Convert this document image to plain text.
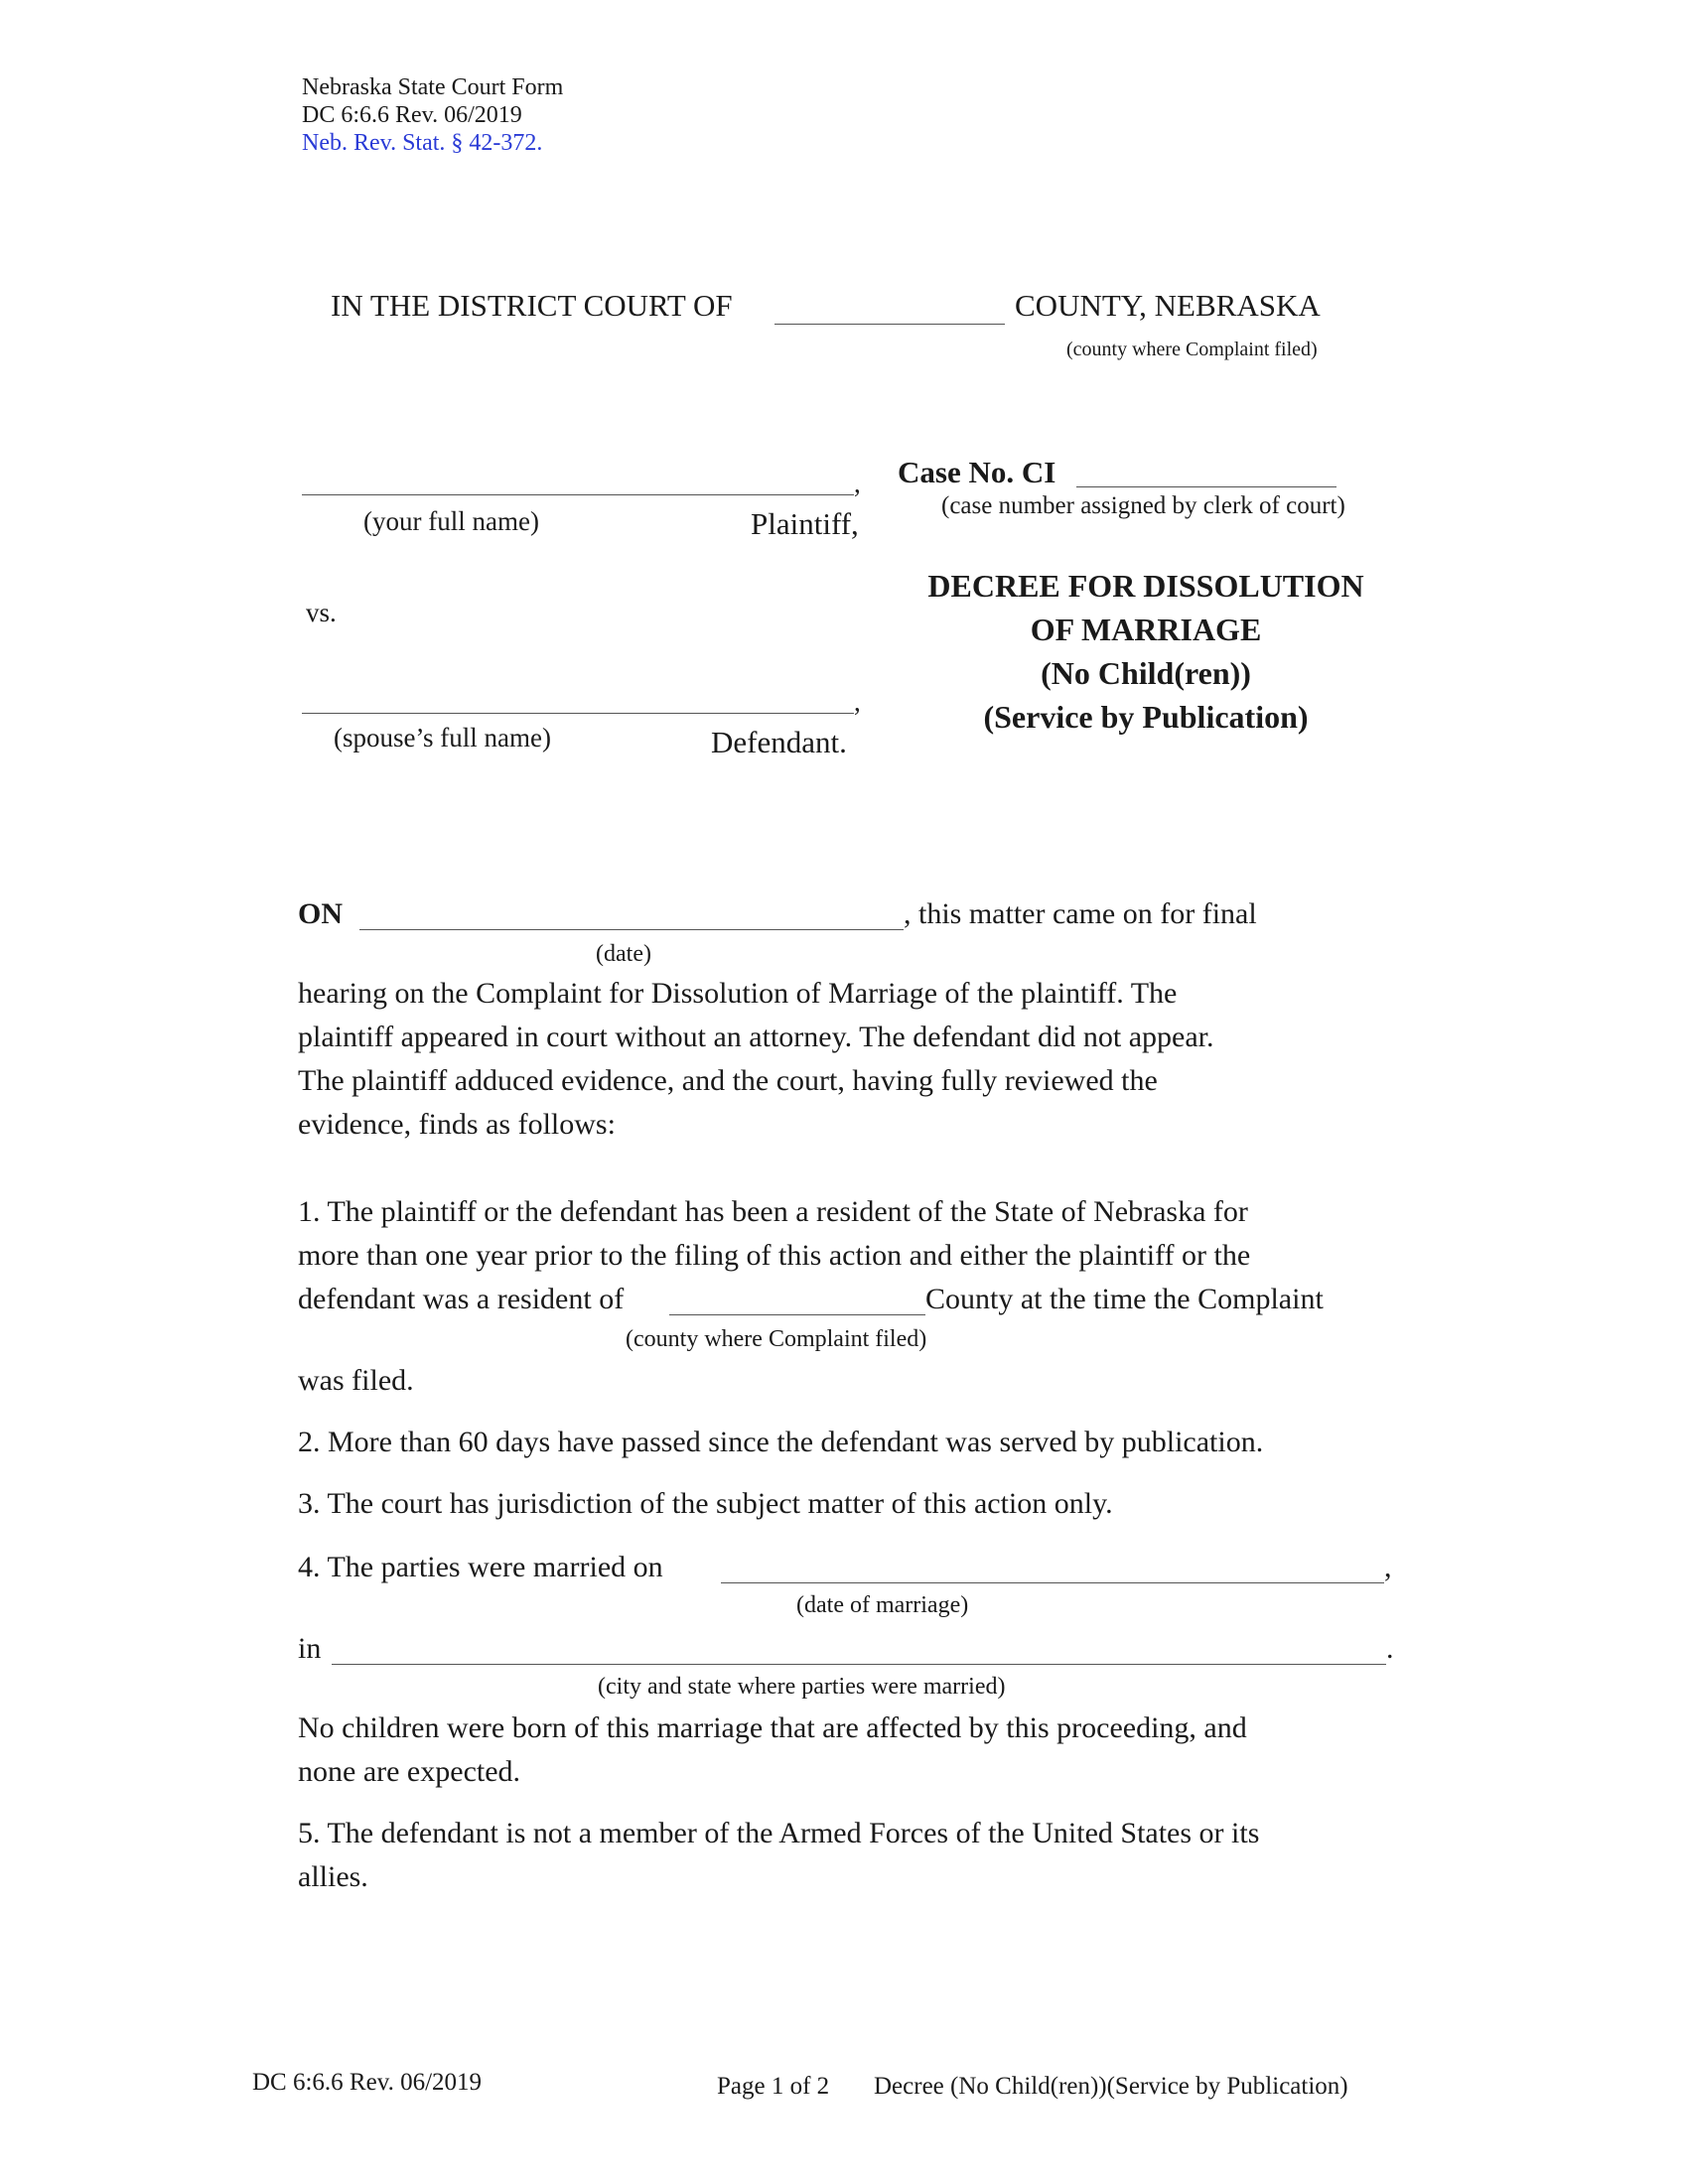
Nebraska State Court Form
DC 6:6.6 Rev. 06/2019
Neb. Rev. Stat. § 42-372.
IN THE DISTRICT COURT OF	COUNTY, NEBRASKA
(county where Complaint filed)
,
(your full name)	Plaintiff,
vs.
,
(spouse’s full name)	Defendant.
Case No. CI
(case number assigned by clerk of court)
DECREE FOR DISSOLUTION
OF MARRIAGE
(No Child(ren))
(Service by Publication)
ON	, this matter came on for final
(date)
hearing on the Complaint for Dissolution of Marriage of the plaintiff. The
plaintiff appeared in court without an attorney. The defendant did not appear.
The plaintiff adduced evidence, and the court, having fully reviewed the
evidence, finds as follows:
1. The plaintiff or the defendant has been a resident of the State of Nebraska for
more than one year prior to the filing of this action and either the plaintiff or the
defendant was a resident of	County at the time the Complaint
(county where Complaint filed)
was filed.
2. More than 60 days have passed since the defendant was served by publication.
3. The court has jurisdiction of the subject matter of this action only.
4. The parties were married on	,
(date of marriage)
in	.
(city and state where parties were married)
No children were born of this marriage that are affected by this proceeding, and
none are expected.
5. The defendant is not a member of the Armed Forces of the United States or its
allies.
DC 6:6.6 Rev. 06/2019	Page 1 of 2 Decree (No Child(ren))(Service by Publication)
